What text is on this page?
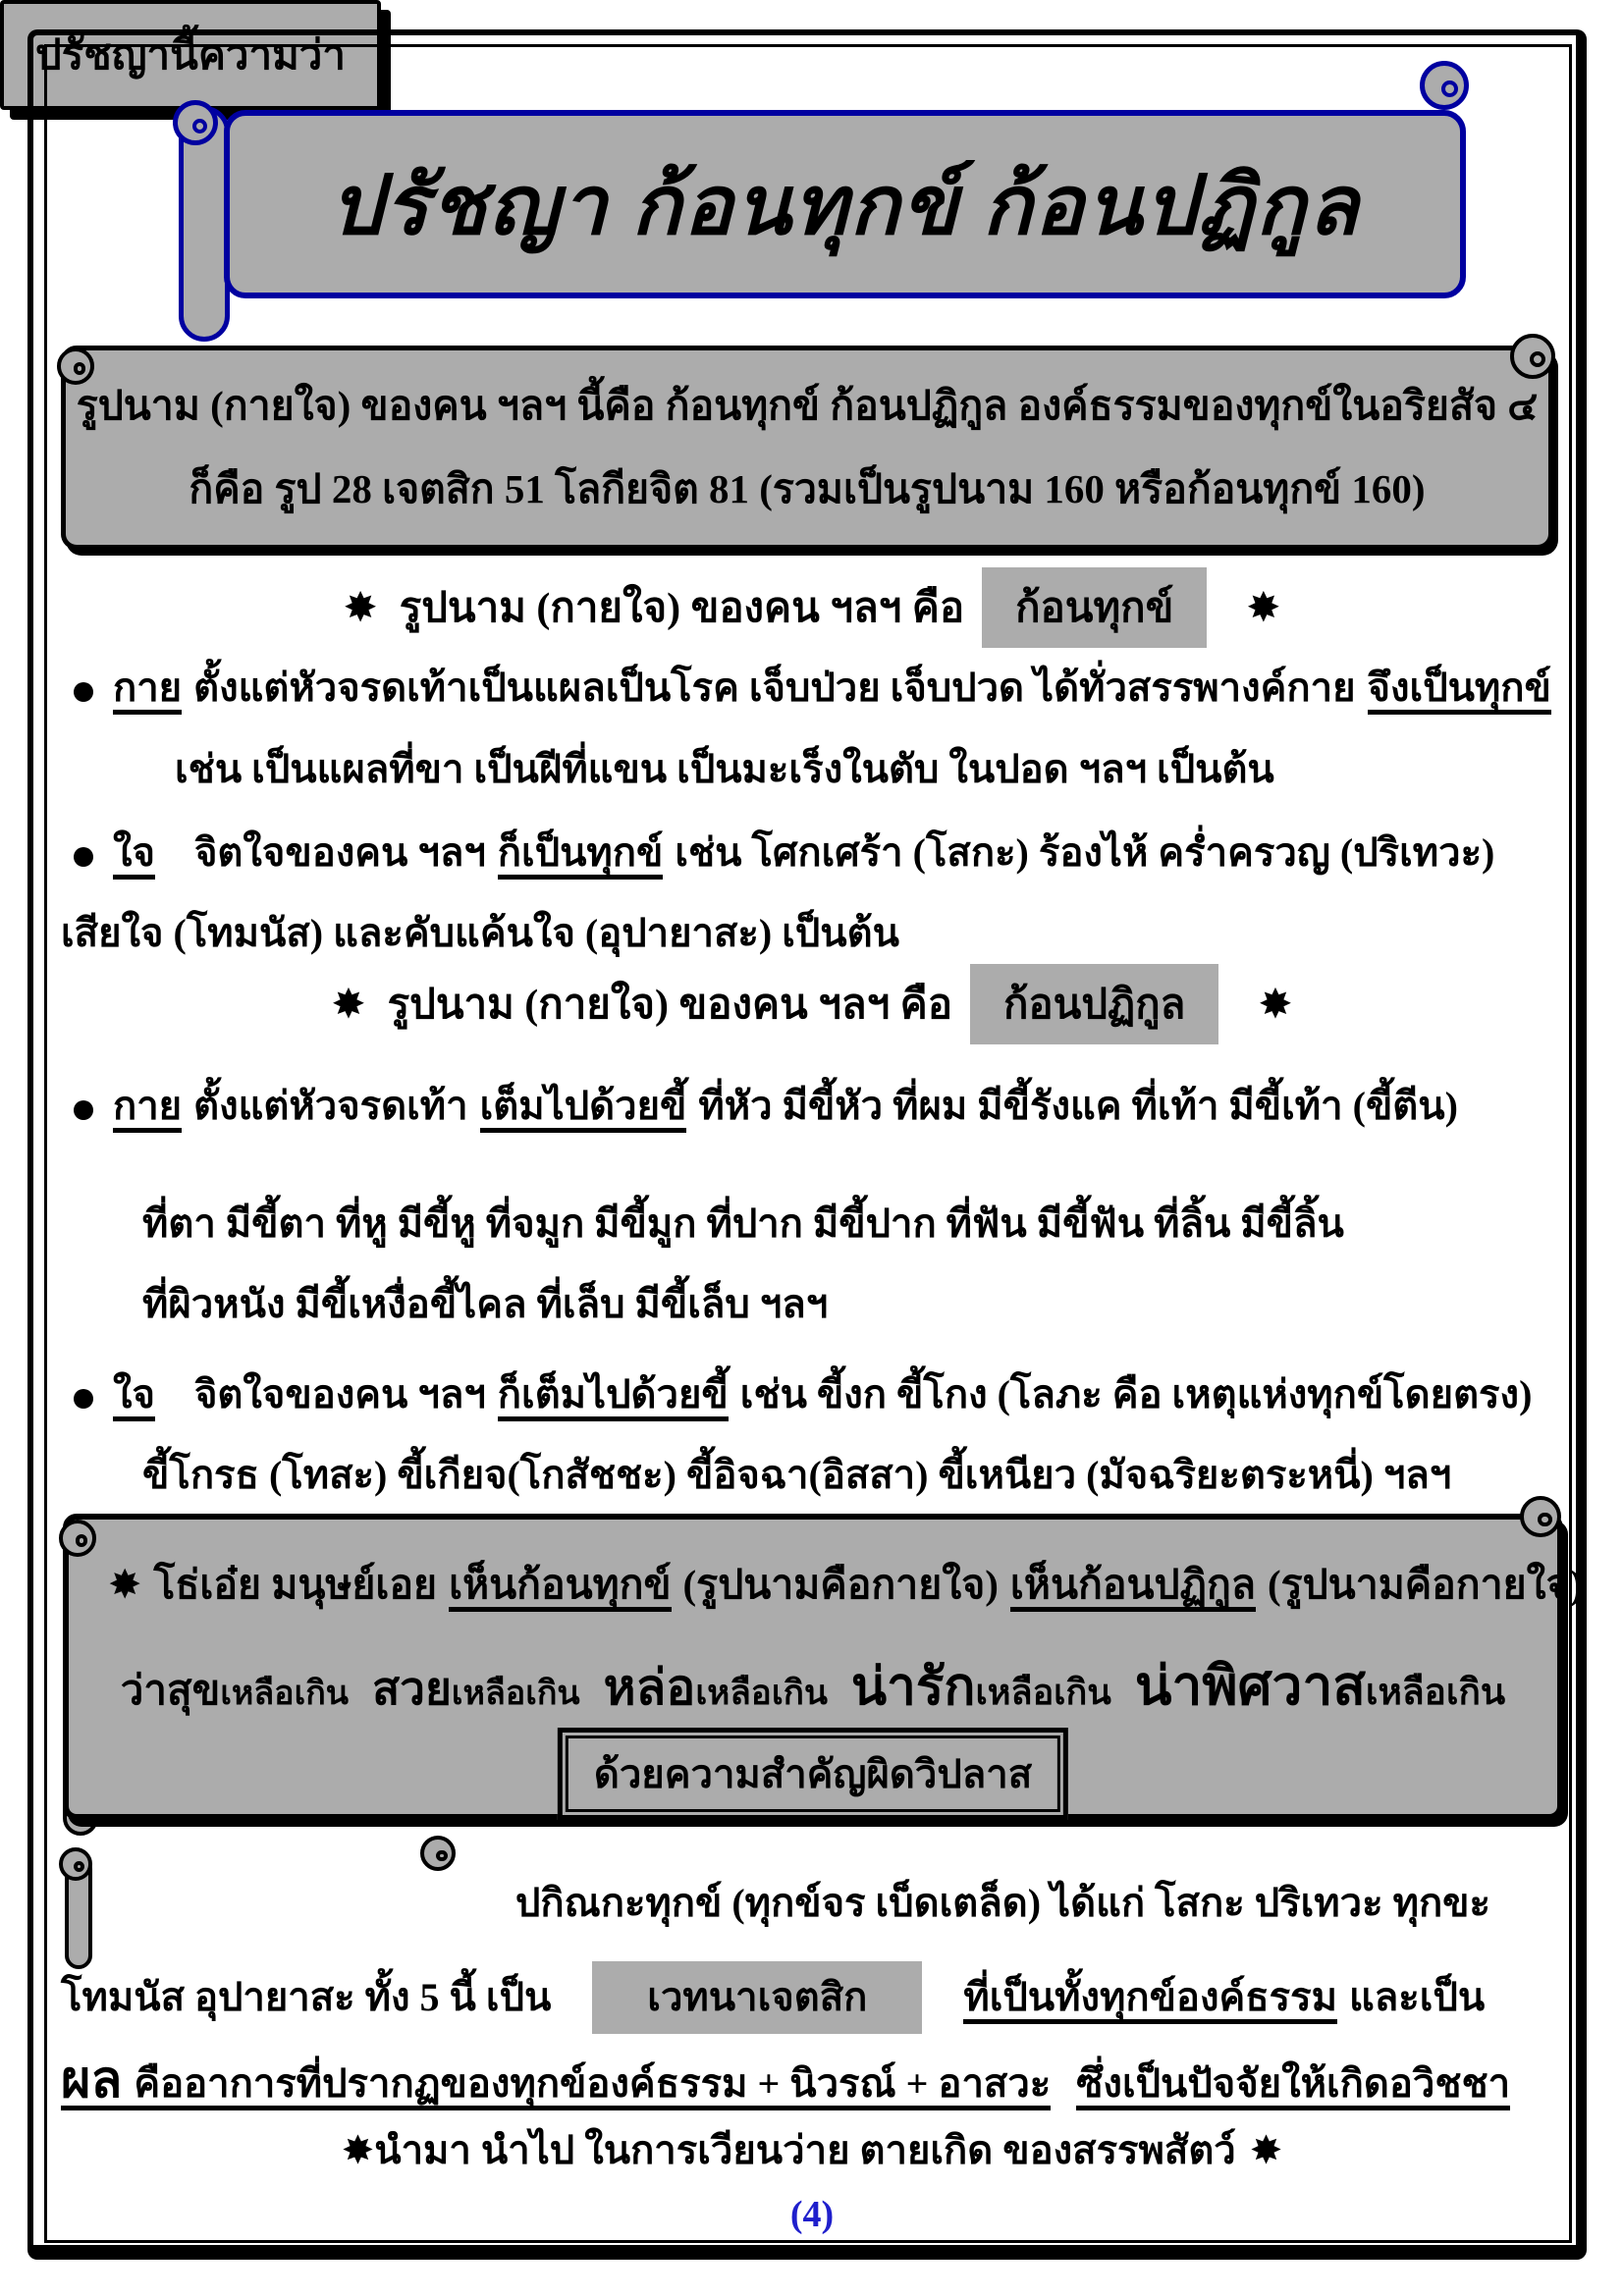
ปรัชญา ก้อนทุกข์ ก้อนปฏิกูล
รูปนาม (กายใจ) ของคน ฯลฯ นี้คือ ก้อนทุกข์ ก้อนปฏิกูล องค์ธรรมของทุกข์ในอริยสัจ ๔
ก็คือ รูป 28 เจตสิก 51 โลกียจิต 81 (รวมเป็นรูปนาม 160 หรือก้อนทุกข์ 160)
✸ รูปนาม (กายใจ) ของคน ฯลฯ คือ ก้อนทุกข์ ✸
กาย ตั้งแต่หัวจรดเท้าเป็นแผลเป็นโรค เจ็บป่วย เจ็บปวด ได้ทั่วสรรพางค์กาย จึงเป็นทุกข์
เช่น เป็นแผลที่ขา เป็นฝีที่แขน เป็นมะเร็งในตับ ในปอด ฯลฯ เป็นต้น
ใจ จิตใจของคน ฯลฯ ก็เป็นทุกข์ เช่น โศกเศร้า (โสกะ) ร้องไห้ คร่ำครวญ (ปริเทวะ)
เสียใจ (โทมนัส) และคับแค้นใจ (อุปายาสะ) เป็นต้น
✸ รูปนาม (กายใจ) ของคน ฯลฯ คือ ก้อนปฏิกูล ✸
กาย ตั้งแต่หัวจรดเท้า เต็มไปด้วยขี้ ที่หัว มีขี้หัว ที่ผม มีขี้รังแค ที่เท้า มีขี้เท้า (ขี้ตีน)
ที่ตา มีขี้ตา ที่หู มีขี้หู ที่จมูก มีขี้มูก ที่ปาก มีขี้ปาก ที่ฟัน มีขี้ฟัน ที่ลิ้น มีขี้ลิ้น
ที่ผิวหนัง มีขี้เหงื่อขี้ไคล ที่เล็บ มีขี้เล็บ ฯลฯ
ใจ จิตใจของคน ฯลฯ ก็เต็มไปด้วยขี้ เช่น ขี้งก ขี้โกง (โลภะ คือ เหตุแห่งทุกข์โดยตรง)
ขี้โกรธ (โทสะ) ขี้เกียจ(โกสัชชะ) ขี้อิจฉา(อิสสา) ขี้เหนียว (มัจฉริยะตระหนี่) ฯลฯ
✸ โธ่เอ๋ย มนุษย์เอย เห็นก้อนทุกข์ (รูปนามคือกายใจ) เห็นก้อนปฏิกูล (รูปนามคือกายใจ)
ว่าสุขเหลือเกิน สวยเหลือเกิน หล่อเหลือเกิน น่ารักเหลือเกิน น่าพิศวาสเหลือเกิน
ด้วยความสำคัญผิดวิปลาส
ปรัชญานี้ความว่า
ปกิณกะทุกข์ (ทุกข์จร เบ็ดเตล็ด) ได้แก่ โสกะ ปริเทวะ ทุกขะ
โทมนัส อุปายาสะ ทั้ง 5 นี้ เป็น เวทนาเจตสิก ที่เป็นทั้งทุกข์องค์ธรรม และเป็น
ผล คืออาการที่ปรากฏของทุกข์องค์ธรรม + นิวรณ์ + อาสวะ ซึ่งเป็นปัจจัยให้เกิดอวิชชา
✸นำมา นำไป ในการเวียนว่าย ตายเกิด ของสรรพสัตว์ ✸
(4)
